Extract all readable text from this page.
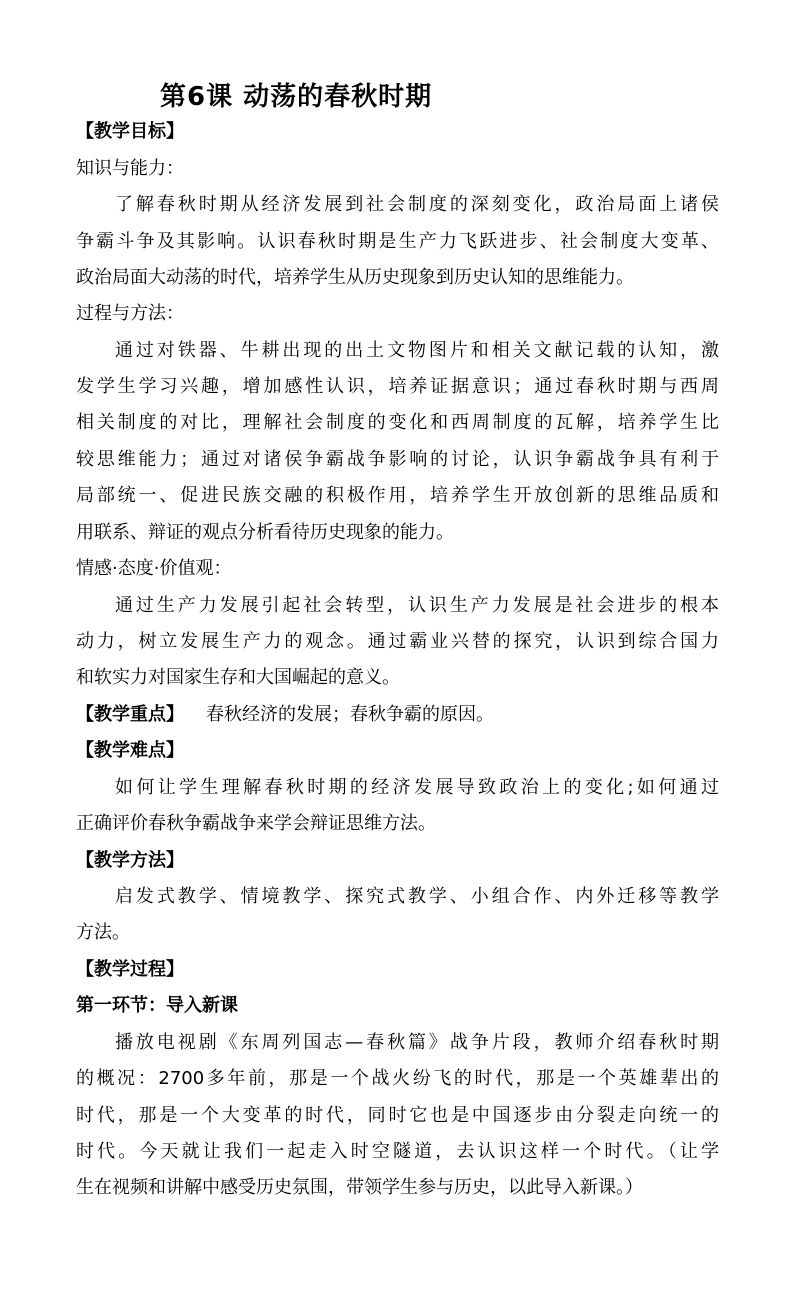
第6课 动荡的春秋时期
【教学目标】
知识与能力：
了解春秋时期从经济发展到社会制度的深刻变化，政治局面上诸侯
争霸斗争及其影响。认识春秋时期是生产力飞跃进步、社会制度大变革、
政治局面大动荡的时代，培养学生从历史现象到历史认知的思维能力。
过程与方法：
通过对铁器、牛耕出现的出土文物图片和相关文献记载的认知，激
发学生学习兴趣，增加感性认识，培养证据意识；通过春秋时期与西周
相关制度的对比，理解社会制度的变化和西周制度的瓦解，培养学生比
较思维能力；通过对诸侯争霸战争影响的讨论，认识争霸战争具有利于
局部统一、促进民族交融的积极作用，培养学生开放创新的思维品质和
用联系、辩证的观点分析看待历史现象的能力。
情感·态度·价值观：
通过生产力发展引起社会转型，认识生产力发展是社会进步的根本
动力，树立发展生产力的观念。通过霸业兴替的探究，认识到综合国力
和软实力对国家生存和大国崛起的意义。
【教学重点】 春秋经济的发展；春秋争霸的原因。
【教学难点】
如何让学生理解春秋时期的经济发展导致政治上的变化;如何通过
正确评价春秋争霸战争来学会辩证思维方法。
【教学方法】
启发式教学、情境教学、探究式教学、小组合作、内外迁移等教学
方法。
【教学过程】
第一环节：导入新课
播放电视剧《东周列国志—春秋篇》战争片段，教师介绍春秋时期
的概况：2700多年前，那是一个战火纷飞的时代，那是一个英雄辈出的
时代，那是一个大变革的时代，同时它也是中国逐步由分裂走向统一的
时代。今天就让我们一起走入时空隧道，去认识这样一个时代。（让学
生在视频和讲解中感受历史氛围，带领学生参与历史，以此导入新课。）
